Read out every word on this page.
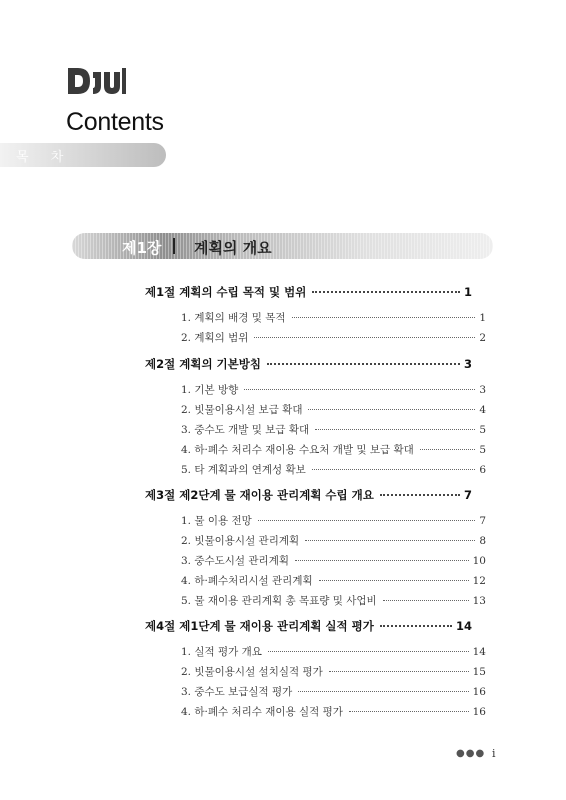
Contents
목 차
제1장 계획의 개요
제1절 계획의 수립 목적 및 범위	1
1. 계획의 배경 및 목적	1
2. 계획의 범위	2
제2절 계획의 기본방침	3
1. 기본 방향	3
2. 빗물이용시설 보급 확대	4
3. 중수도 개발 및 보급 확대	5
4. 하·폐수 처리수 재이용 수요처 개발 및 보급 확대	5
5. 타 계획과의 연계성 확보	6
제3절 제2단계 물 재이용 관리계획 수립 개요	7
1. 물 이용 전망	7
2. 빗물이용시설 관리계획	8
3. 중수도시설 관리계획	10
4. 하·폐수처리시설 관리계획	12
5. 물 재이용 관리계획 총 목표량 및 사업비	13
제4절 제1단계 물 재이용 관리계획 실적 평가	14
1. 실적 평가 개요	14
2. 빗물이용시설 설치실적 평가	15
3. 중수도 보급실적 평가	16
4. 하·폐수 처리수 재이용 실적 평가	16
●●● i
